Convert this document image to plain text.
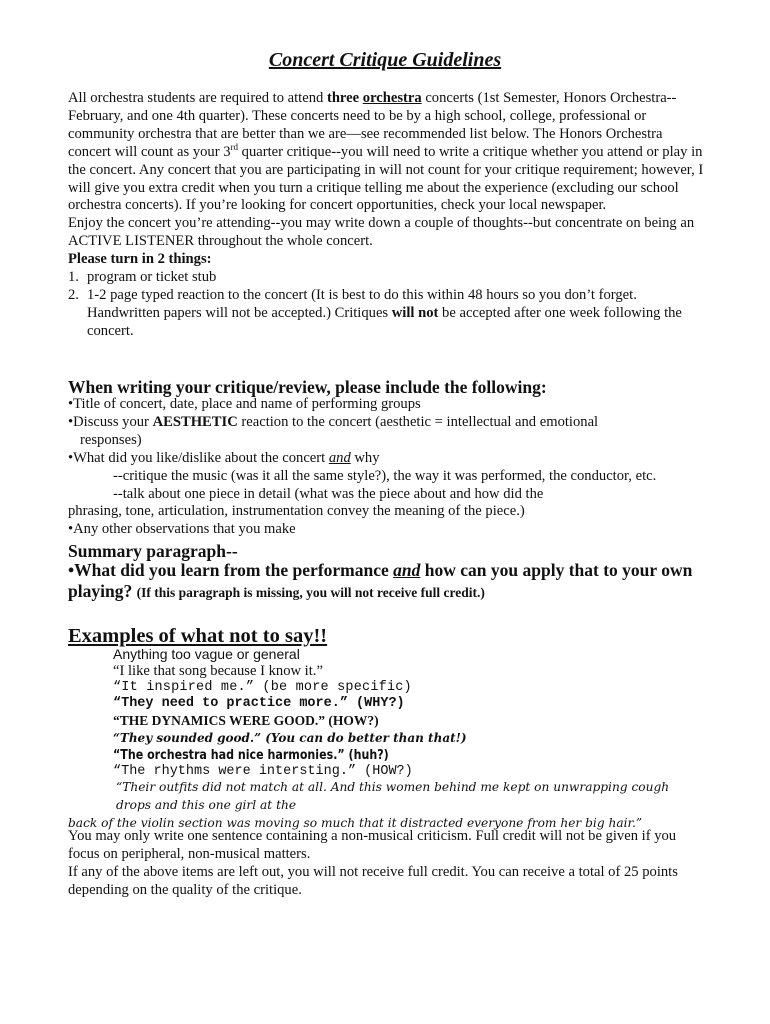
Concert Critique Guidelines

All orchestra students are required to attend three orchestra concerts (1st Semester, Honors Orchestra--February, and one 4th quarter). These concerts need to be by a high school, college, professional or community orchestra that are better than we are—see recommended list below. The Honors Orchestra concert will count as your 3rd quarter critique--you will need to write a critique whether you attend or play in the concert. Any concert that you are participating in will not count for your critique requirement; however, I will give you extra credit when you turn a critique telling me about the experience (excluding our school orchestra concerts). If you’re looking for concert opportunities, check your local newspaper.

Enjoy the concert you’re attending--you may write down a couple of thoughts--but concentrate on being an ACTIVE LISTENER throughout the whole concert.

Please turn in 2 things:

1. program or ticket stub
2. 1-2 page typed reaction to the concert (It is best to do this within 48 hours so you don’t forget. Handwritten papers will not be accepted.) Critiques will not be accepted after one week following the concert.
When writing your critique/review, please include the following:

•Title of concert, date, place and name of performing groups

•Discuss your AESTHETIC reaction to the concert (aesthetic = intellectual and emotional

responses)

•What did you like/dislike about the concert and why

--critique the music (was it all the same style?), the way it was performed, the conductor, etc.

--talk about one piece in detail (what was the piece about and how did the

phrasing, tone, articulation, instrumentation convey the meaning of the piece.)

•Any other observations that you make

Summary paragraph--
•What did you learn from the performance and how can you apply that to your own playing? (If this paragraph is missing, you will not receive full credit.)
Examples of what not to say!!

Anything too vague or general

“I like that song because I know it.”

“It inspired me.” (be more specific)

“They need to practice more.” (WHY?)

“THE DYNAMICS WERE GOOD.” (HOW?)

“They sounded good.” (You can do better than that!)

“The orchestra had nice harmonies.” (huh?)

“The rhythms were intersting.” (HOW?)

“Their outfits did not match at all. And this women behind me kept on unwrapping cough drops and this one girl at the
back of the violin section was moving so much that it distracted everyone from her big hair.”

You may only write one sentence containing a non-musical criticism. Full credit will not be given if you focus on peripheral, non-musical matters.

If any of the above items are left out, you will not receive full credit. You can receive a total of 25 points depending on the quality of the critique.
